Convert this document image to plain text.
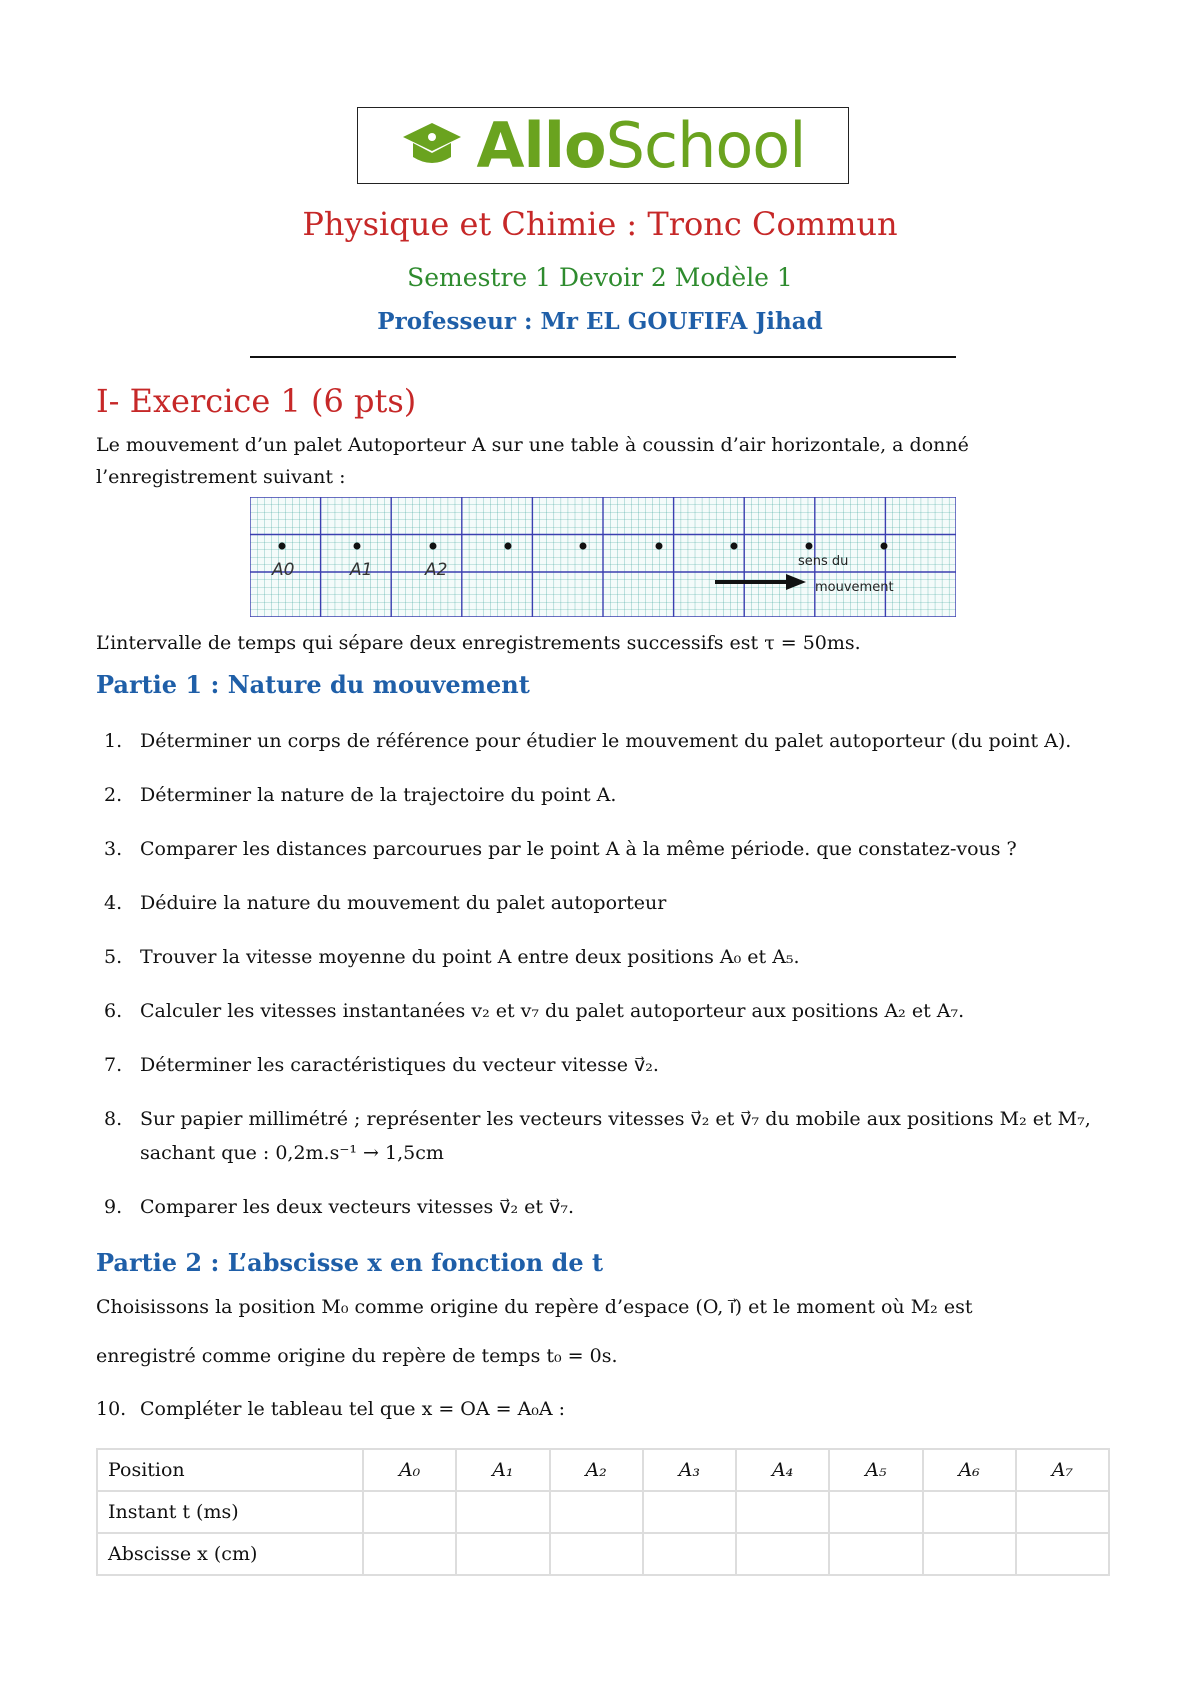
AlloSchool
Physique et Chimie : Tronc Commun
Semestre 1 Devoir 2 Modèle 1
Professeur : Mr EL GOUFIFA Jihad
I- Exercice 1 (6 pts)
Le mouvement d’un palet Autoporteur A sur une table à coussin d’air horizontale, a donné
l’enregistrement suivant :
A0	A1	A2	sens du
mouvement
L’intervalle de temps qui sépare deux enregistrements successifs est τ = 50ms.
Partie 1 : Nature du mouvement
1. Déterminer un corps de référence pour étudier le mouvement du palet autoporteur (du point A).
2. Déterminer la nature de la trajectoire du point A.
3. Comparer les distances parcourues par le point A à la même période. que constatez-vous ?
4. Déduire la nature du mouvement du palet autoporteur
5. Trouver la vitesse moyenne du point A entre deux positions A₀ et A₅.
6. Calculer les vitesses instantanées v₂ et v₇ du palet autoporteur aux positions A₂ et A₇.
7. Déterminer les caractéristiques du vecteur vitesse v⃗₂.
8. Sur papier millimétré ; représenter les vecteurs vitesses v⃗₂ et v⃗₇ du mobile aux positions M₂ et M₇,
sachant que : 0,2m.s⁻¹ → 1,5cm
9. Comparer les deux vecteurs vitesses v⃗₂ et v⃗₇.
Partie 2 : L’abscisse x en fonction de t
Choisissons la position M₀ comme origine du repère d’espace (O, i⃗) et le moment où M₂ est
enregistré comme origine du repère de temps t₀ = 0s.
10. Compléter le tableau tel que x = OA = A₀A :
Position	A₀	A₁	A₂	A₃	A₄	A₅	A₆	A₇
Instant t (ms)								
Abscisse x (cm)								
